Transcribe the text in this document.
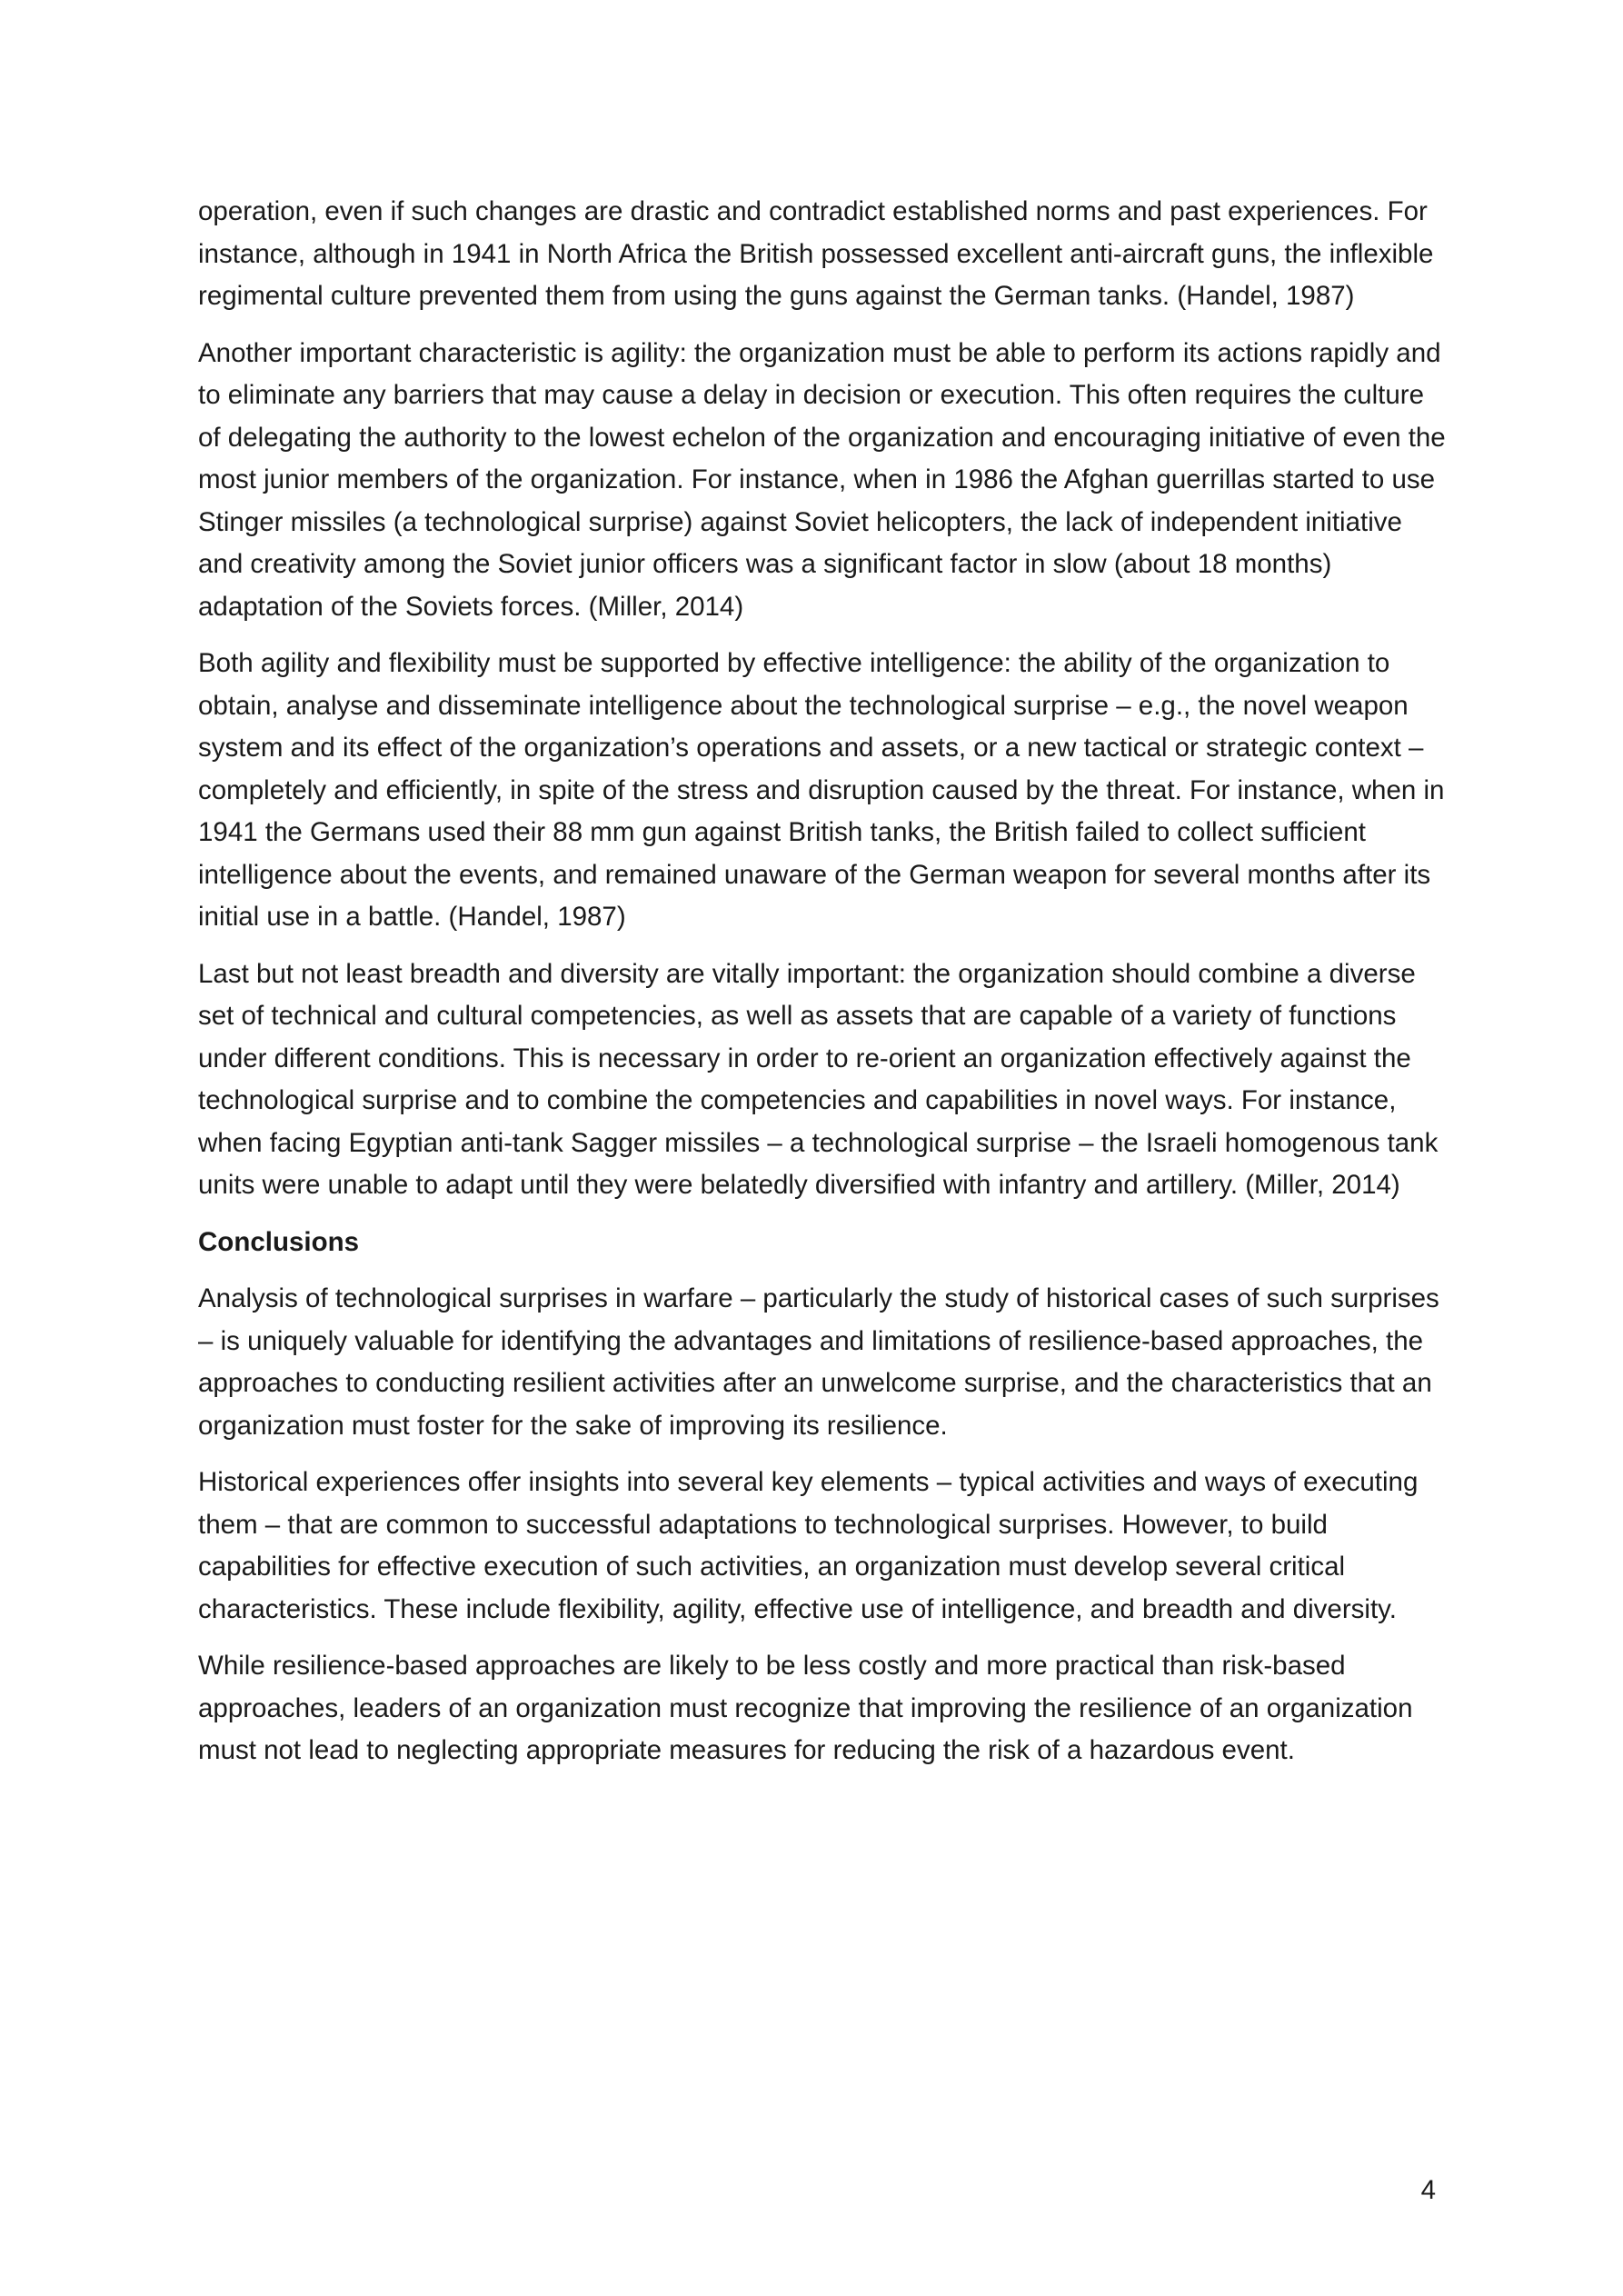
operation, even if such changes are drastic and contradict established norms and past experiences. For instance, although in 1941 in North Africa the British possessed excellent anti-aircraft guns, the inflexible regimental culture prevented them from using the guns against the German tanks. (Handel, 1987)

Another important characteristic is agility: the organization must be able to perform its actions rapidly and to eliminate any barriers that may cause a delay in decision or execution. This often requires the culture of delegating the authority to the lowest echelon of the organization and encouraging initiative of even the most junior members of the organization. For instance, when in 1986 the Afghan guerrillas started to use Stinger missiles (a technological surprise) against Soviet helicopters, the lack of independent initiative and creativity among the Soviet junior officers was a significant factor in slow (about 18 months) adaptation of the Soviets forces. (Miller, 2014)

Both agility and flexibility must be supported by effective intelligence: the ability of the organization to obtain, analyse and disseminate intelligence about the technological surprise – e.g., the novel weapon system and its effect of the organization’s operations and assets, or a new tactical or strategic context – completely and efficiently, in spite of the stress and disruption caused by the threat. For instance, when in 1941 the Germans used their 88 mm gun against British tanks, the British failed to collect sufficient intelligence about the events, and remained unaware of the German weapon for several months after its initial use in a battle. (Handel, 1987)

Last but not least breadth and diversity are vitally important: the organization should combine a diverse set of technical and cultural competencies, as well as assets that are capable of a variety of functions under different conditions. This is necessary in order to re-orient an organization effectively against the technological surprise and to combine the competencies and capabilities in novel ways. For instance, when facing Egyptian anti-tank Sagger missiles – a technological surprise – the Israeli homogenous tank units were unable to adapt until they were belatedly diversified with infantry and artillery. (Miller, 2014)

Conclusions

Analysis of technological surprises in warfare – particularly the study of historical cases of such surprises – is uniquely valuable for identifying the advantages and limitations of resilience-based approaches, the approaches to conducting resilient activities after an unwelcome surprise, and the characteristics that an organization must foster for the sake of improving its resilience.

Historical experiences offer insights into several key elements – typical activities and ways of executing them – that are common to successful adaptations to technological surprises. However, to build capabilities for effective execution of such activities, an organization must develop several critical characteristics. These include flexibility, agility, effective use of intelligence, and breadth and diversity.

While resilience-based approaches are likely to be less costly and more practical than risk-based approaches, leaders of an organization must recognize that improving the resilience of an organization must not lead to neglecting appropriate measures for reducing the risk of a hazardous event.

4
